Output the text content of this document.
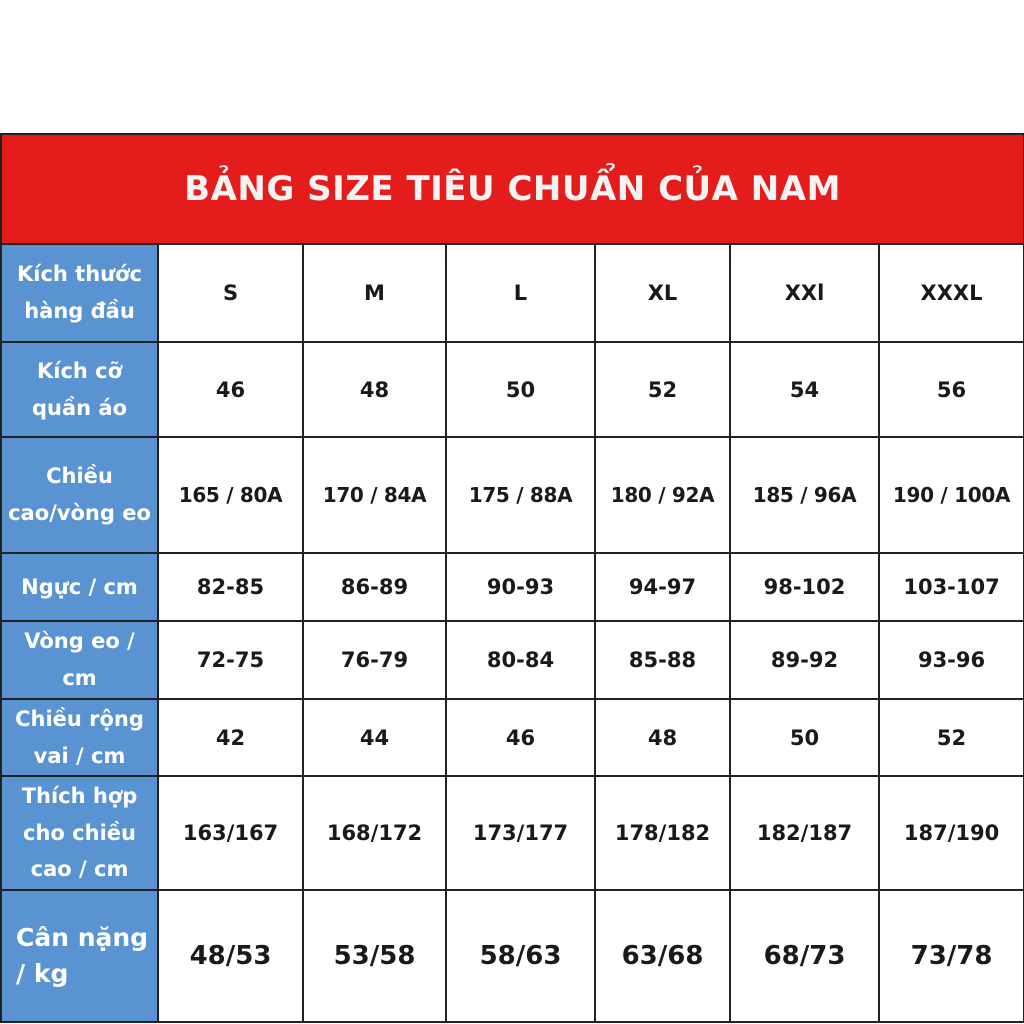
BẢNG SIZE TIÊU CHUẨN CỦA NAM						
Kích thước hàng đầu	S	M	L	XL	XXl	XXXL
Kích cỡ quần áo	46	48	50	52	54	56
Chiều cao/vòng eo	165 / 80A	170 / 84A	175 / 88A	180 / 92A	185 / 96A	190 / 100A
Ngực / cm	82-85	86-89	90-93	94-97	98-102	103-107
Vòng eo / cm	72-75	76-79	80-84	85-88	89-92	93-96
Chiều rộng vai / cm	42	44	46	48	50	52
Thích hợp cho chiều cao / cm	163/167	168/172	173/177	178/182	182/187	187/190
Cân nặng / kg	48/53	53/58	58/63	63/68	68/73	73/78
